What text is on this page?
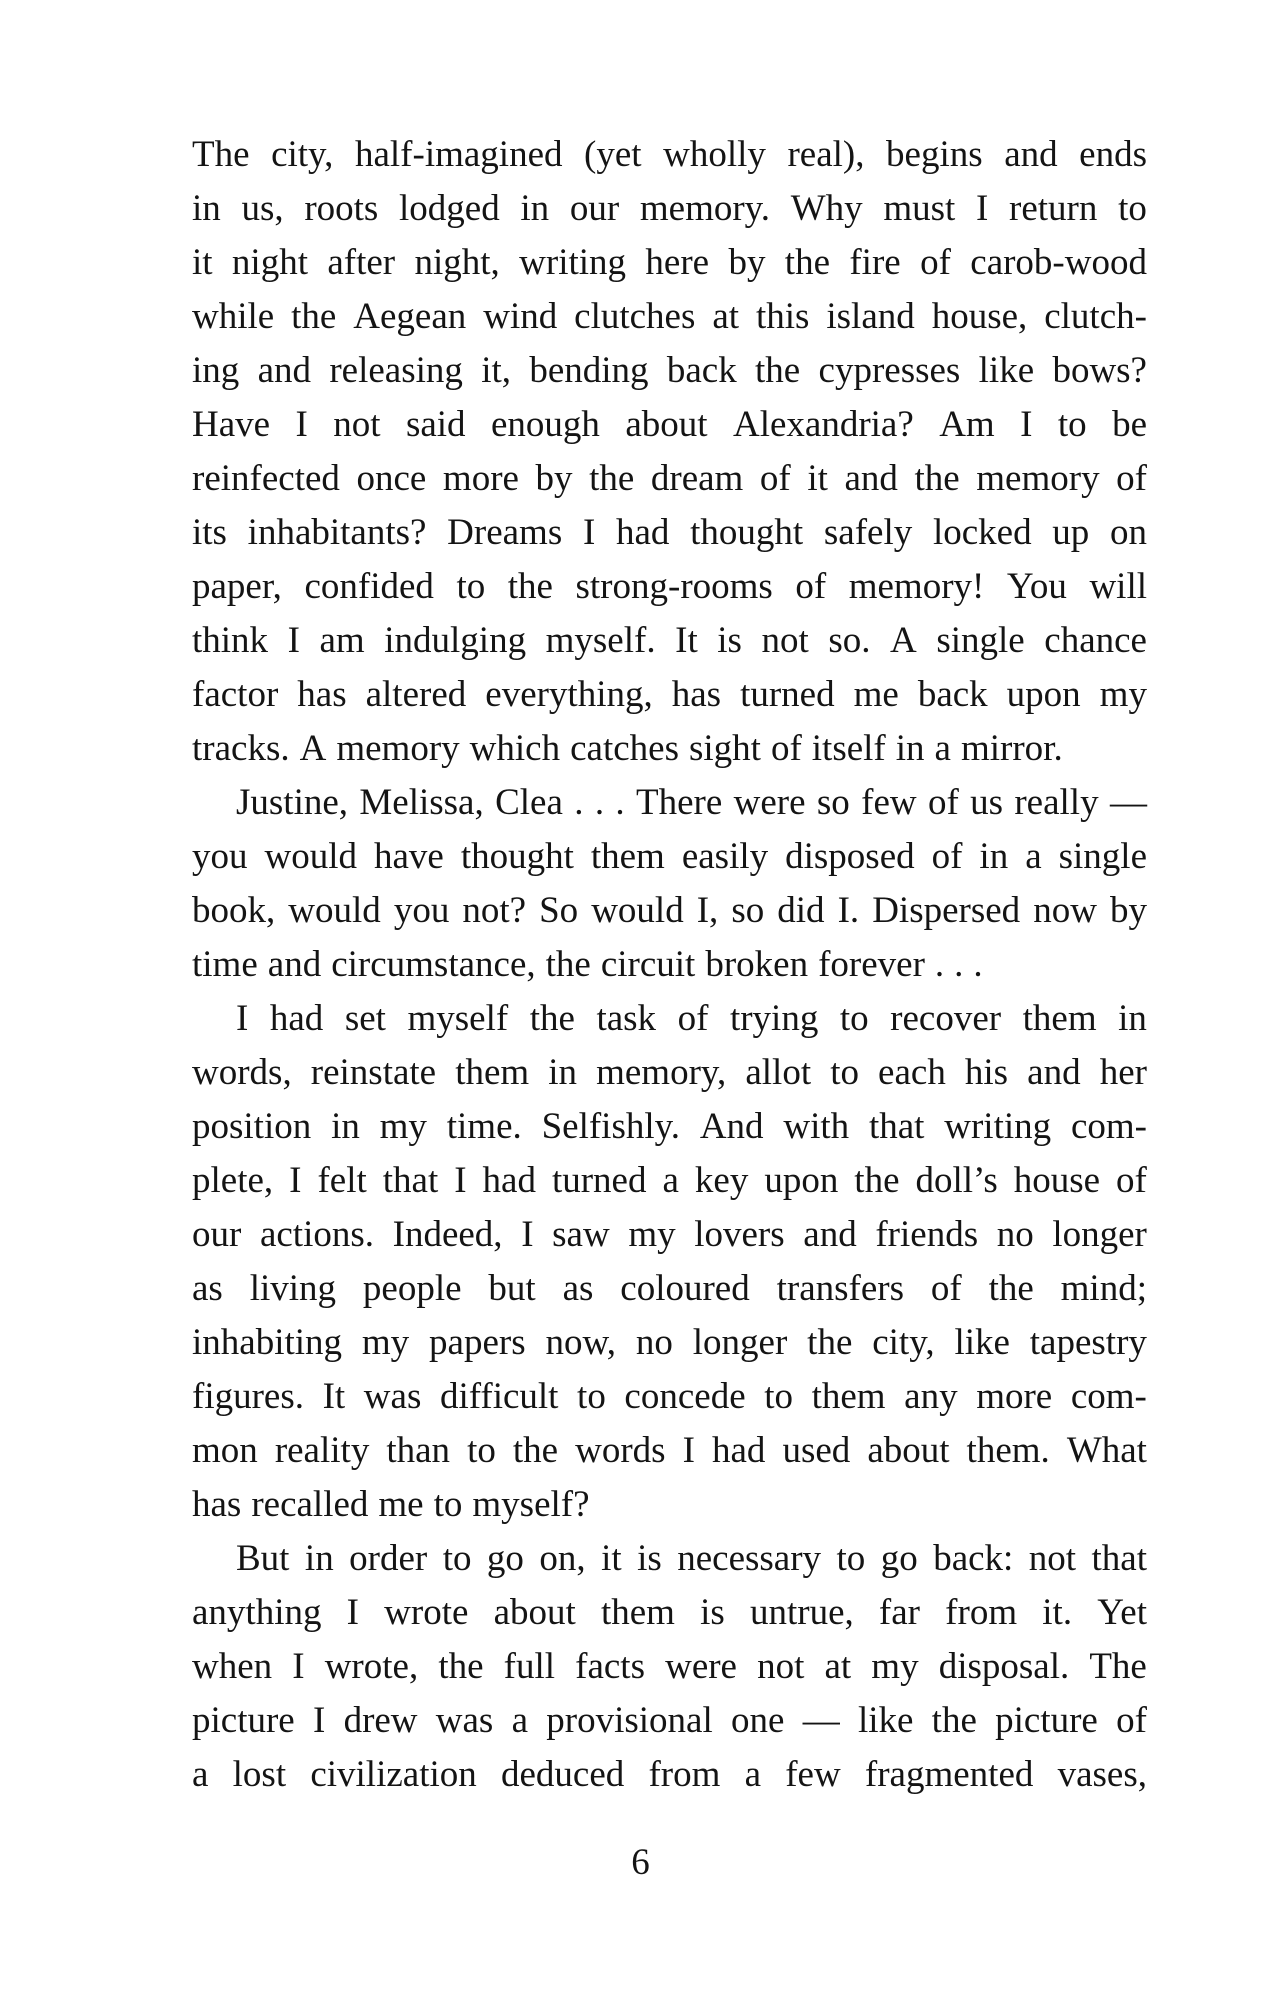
The city, half-imagined (yet wholly real), begins and ends
in us, roots lodged in our memory. Why must I return to
it night after night, writing here by the fire of carob-wood
while the Aegean wind clutches at this island house, clutch-
ing and releasing it, bending back the cypresses like bows?
Have I not said enough about Alexandria? Am I to be
reinfected once more by the dream of it and the memory of
its inhabitants? Dreams I had thought safely locked up on
paper, confided to the strong-rooms of memory! You will
think I am indulging myself. It is not so. A single chance
factor has altered everything, has turned me back upon my
tracks. A memory which catches sight of itself in a mirror.
Justine, Melissa, Clea . . . There were so few of us really —
you would have thought them easily disposed of in a single
book, would you not? So would I, so did I. Dispersed now by
time and circumstance, the circuit broken forever . . .
I had set myself the task of trying to recover them in
words, reinstate them in memory, allot to each his and her
position in my time. Selfishly. And with that writing com-
plete, I felt that I had turned a key upon the doll’s house of
our actions. Indeed, I saw my lovers and friends no longer
as living people but as coloured transfers of the mind;
inhabiting my papers now, no longer the city, like tapestry
figures. It was difficult to concede to them any more com-
mon reality than to the words I had used about them. What
has recalled me to myself?
But in order to go on, it is necessary to go back: not that
anything I wrote about them is untrue, far from it. Yet
when I wrote, the full facts were not at my disposal. The
picture I drew was a provisional one — like the picture of
a lost civilization deduced from a few fragmented vases,
6
